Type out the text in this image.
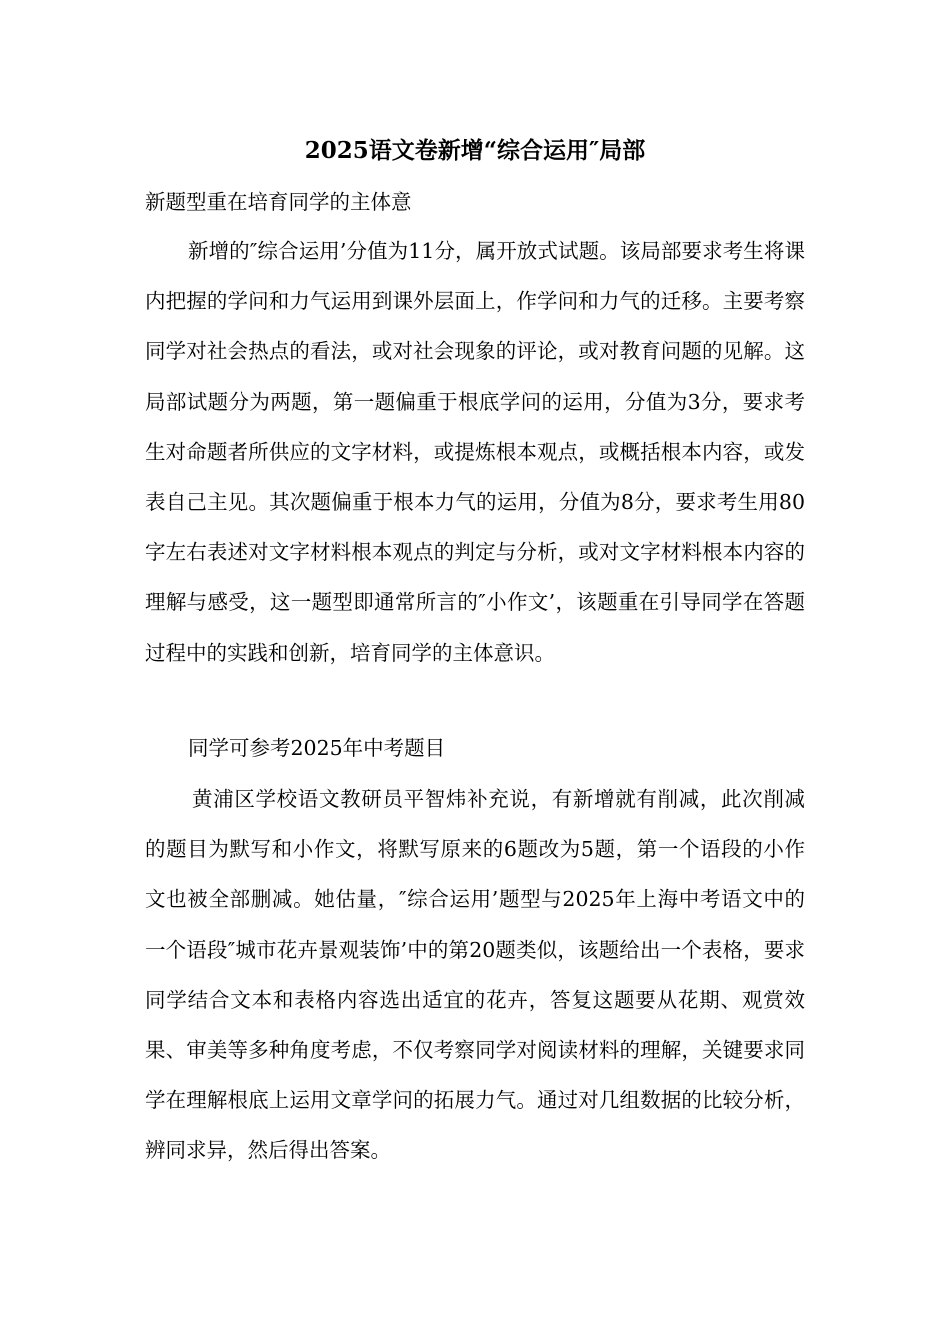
2025语文卷新增“综合运用″局部

新题型重在培育同学的主体意

新增的″综合运用’分值为11分，属开放式试题。该局部要求考生将课内把握的学问和力气运用到课外层面上，作学问和力气的迁移。主要考察同学对社会热点的看法，或对社会现象的评论，或对教育问题的见解。这局部试题分为两题，第一题偏重于根底学问的运用，分值为3分，要求考生对命题者所供应的文字材料，或提炼根本观点，或概括根本内容，或发表自己主见。其次题偏重于根本力气的运用，分值为8分，要求考生用80字左右表述对文字材料根本观点的判定与分析，或对文字材料根本内容的理解与感受，这一题型即通常所言的″小作文’，该题重在引导同学在答题过程中的实践和创新，培育同学的主体意识。

同学可参考2025年中考题目

黄浦区学校语文教研员平智炜补充说，有新增就有削减，此次削减的题目为默写和小作文，将默写原来的6题改为5题，第一个语段的小作文也被全部删减。她估量，″综合运用’题型与2025年上海中考语文中的一个语段″城市花卉景观装饰’中的第20题类似，该题给出一个表格，要求同学结合文本和表格内容选出适宜的花卉，答复这题要从花期、观赏效果、审美等多种角度考虑，不仅考察同学对阅读材料的理解，关键要求同学在理解根底上运用文章学问的拓展力气。通过对几组数据的比较分析，辨同求异，然后得出答案。
